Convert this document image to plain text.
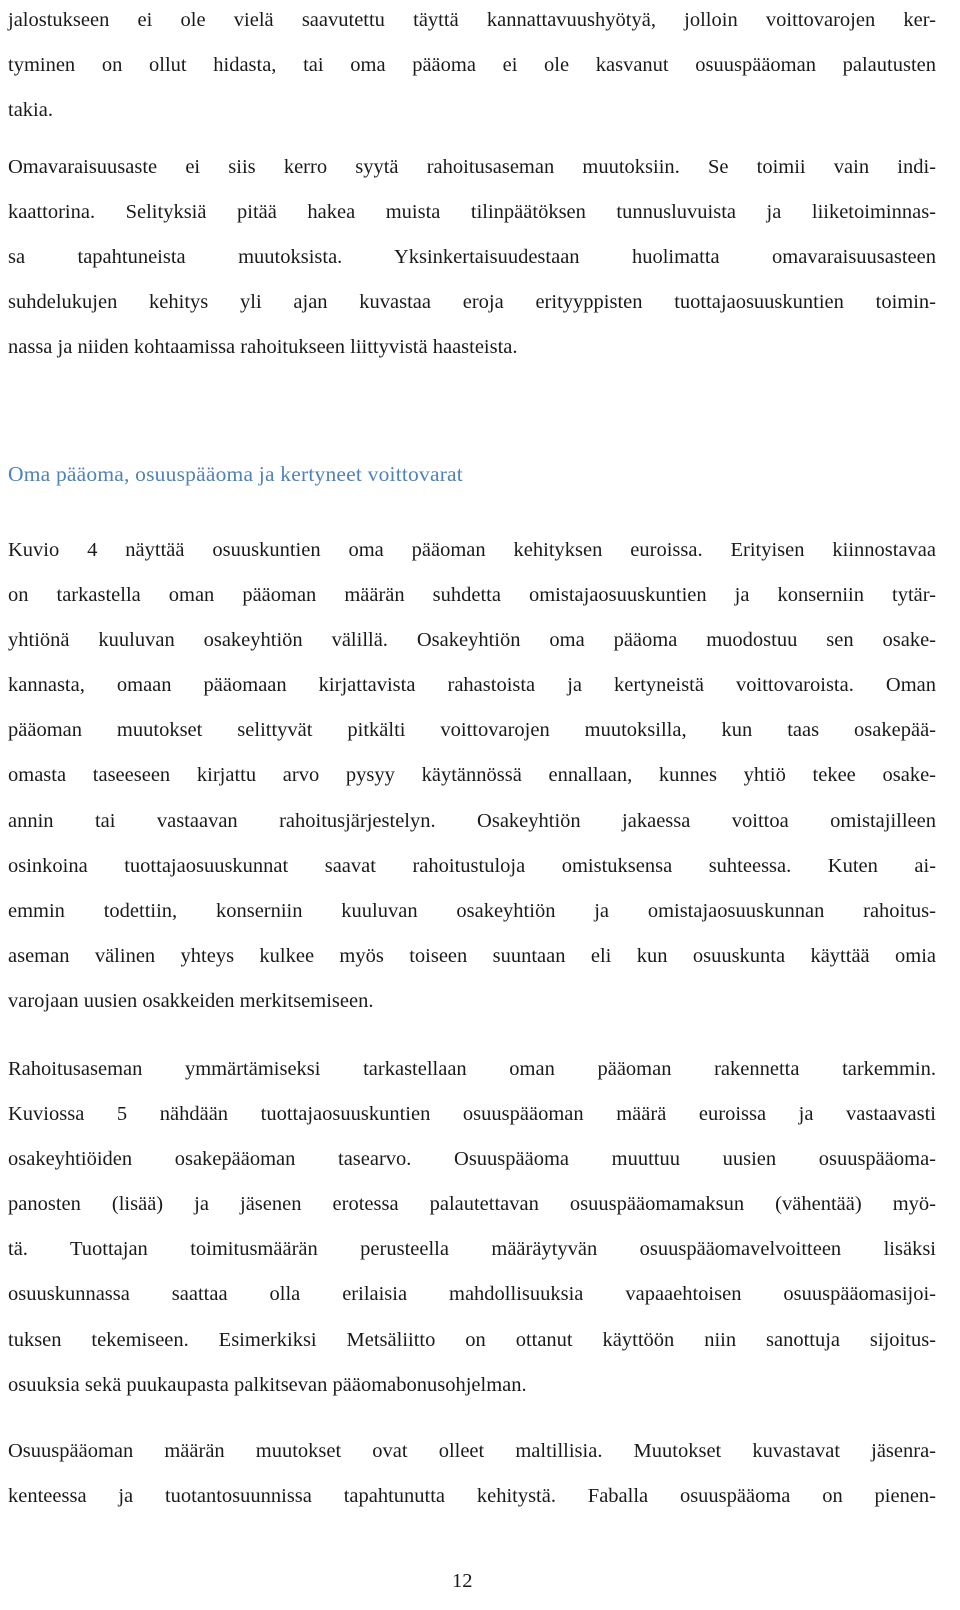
jalostukseen ei ole vielä saavutettu täyttä kannattavuushyötyä, jolloin voittovarojen ker-
tyminen on ollut hidasta, tai oma pääoma ei ole kasvanut osuuspääoman palautusten
takia.
Omavaraisuusaste ei siis kerro syytä rahoitusaseman muutoksiin. Se toimii vain indi-
kaattorina. Selityksiä pitää hakea muista tilinpäätöksen tunnusluvuista ja liiketoiminnas-
sa tapahtuneista muutoksista. Yksinkertaisuudestaan huolimatta omavaraisuusasteen
suhdelukujen kehitys yli ajan kuvastaa eroja erityyppisten tuottajaosuuskuntien toimin-
nassa ja niiden kohtaamissa rahoitukseen liittyvistä haasteista.
Oma pääoma, osuuspääoma ja kertyneet voittovarat
Kuvio 4 näyttää osuuskuntien oma pääoman kehityksen euroissa. Erityisen kiinnostavaa
on tarkastella oman pääoman määrän suhdetta omistajaosuuskuntien ja konserniin tytär-
yhtiönä kuuluvan osakeyhtiön välillä. Osakeyhtiön oma pääoma muodostuu sen osake-
kannasta, omaan pääomaan kirjattavista rahastoista ja kertyneistä voittovaroista. Oman
pääoman muutokset selittyvät pitkälti voittovarojen muutoksilla, kun taas osakepää-
omasta taseeseen kirjattu arvo pysyy käytännössä ennallaan, kunnes yhtiö tekee osake-
annin tai vastaavan rahoitusjärjestelyn. Osakeyhtiön jakaessa voittoa omistajilleen
osinkoina tuottajaosuuskunnat saavat rahoitustuloja omistuksensa suhteessa. Kuten ai-
emmin todettiin, konserniin kuuluvan osakeyhtiön ja omistajaosuuskunnan rahoitus-
aseman välinen yhteys kulkee myös toiseen suuntaan eli kun osuuskunta käyttää omia
varojaan uusien osakkeiden merkitsemiseen.
Rahoitusaseman ymmärtämiseksi tarkastellaan oman pääoman rakennetta tarkemmin.
Kuviossa 5 nähdään tuottajaosuuskuntien osuuspääoman määrä euroissa ja vastaavasti
osakeyhtiöiden osakepääoman tasearvo. Osuuspääoma muuttuu uusien osuuspääoma-
panosten (lisää) ja jäsenen erotessa palautettavan osuuspääomamaksun (vähentää) myö-
tä. Tuottajan toimitusmäärän perusteella määräytyvän osuuspääomavelvoitteen lisäksi
osuuskunnassa saattaa olla erilaisia mahdollisuuksia vapaaehtoisen osuuspääomasijoi-
tuksen tekemiseen. Esimerkiksi Metsäliitto on ottanut käyttöön niin sanottuja sijoitus-
osuuksia sekä puukaupasta palkitsevan pääomabonusohjelman.
Osuuspääoman määrän muutokset ovat olleet maltillisia. Muutokset kuvastavat jäsenra-
kenteessa ja tuotantosuunnissa tapahtunutta kehitystä. Faballa osuuspääoma on pienen-
12
